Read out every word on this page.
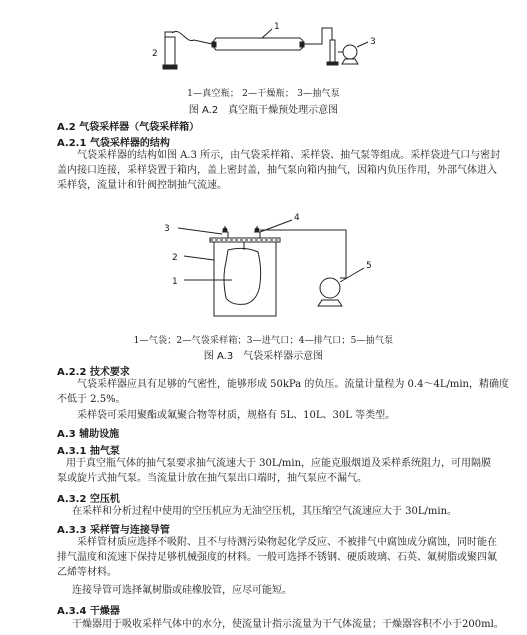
1
2
3
1—真空瓶； 2—干燥瓶； 3—抽气泵
图 A.2　真空瓶干燥预处理示意图
A.2 气袋采样器（气袋采样箱）
A.2.1 气袋采样器的结构
气袋采样器的结构如图 A.3 所示，由气袋采样箱、采样袋、抽气泵等组成。采样袋进气口与密封
盖内接口连接，采样袋置于箱内，盖上密封盖，抽气泵向箱内抽气，因箱内负压作用，外部气体进入
采样袋，流量计和针阀控制抽气流速。
3
2
1
4
5
1—气袋；2—气袋采样箱；3—进气口；4—排气口；5—抽气泵
图 A.3　气袋采样器示意图
A.2.2 技术要求
气袋采样器应具有足够的气密性，能够形成 50kPa 的负压。流量计量程为 0.4～4L/min，精确度
不低于 2.5%。
采样袋可采用聚酯或氟聚合物等材质，规格有 5L、10L、30L 等类型。
A.3 辅助设施
A.3.1 抽气泵
用于真空瓶气体的抽气泵要求抽气流速大于 30L/min，应能克服烟道及采样系统阻力，可用隔膜
泵或旋片式抽气泵。当流量计放在抽气泵出口端时，抽气泵应不漏气。
A.3.2 空压机
在采样和分析过程中使用的空压机应为无油空压机，其压缩空气流速应大于 30L/min。
A.3.3 采样管与连接导管
采样管材质应选择不吸附、且不与待测污染物起化学反应、不被排气中腐蚀成分腐蚀，同时能在
排气温度和流速下保持足够机械强度的材料。一般可选择不锈钢、硬质玻璃、石英、氟树脂或聚四氟
乙烯等材料。
连接导管可选择氟树脂或硅橡胶管，应尽可能短。
A.3.4 干燥器
干燥器用于吸收采样气体中的水分，使流量计指示流量为干气体流量；干燥器容积不小于200ml。
